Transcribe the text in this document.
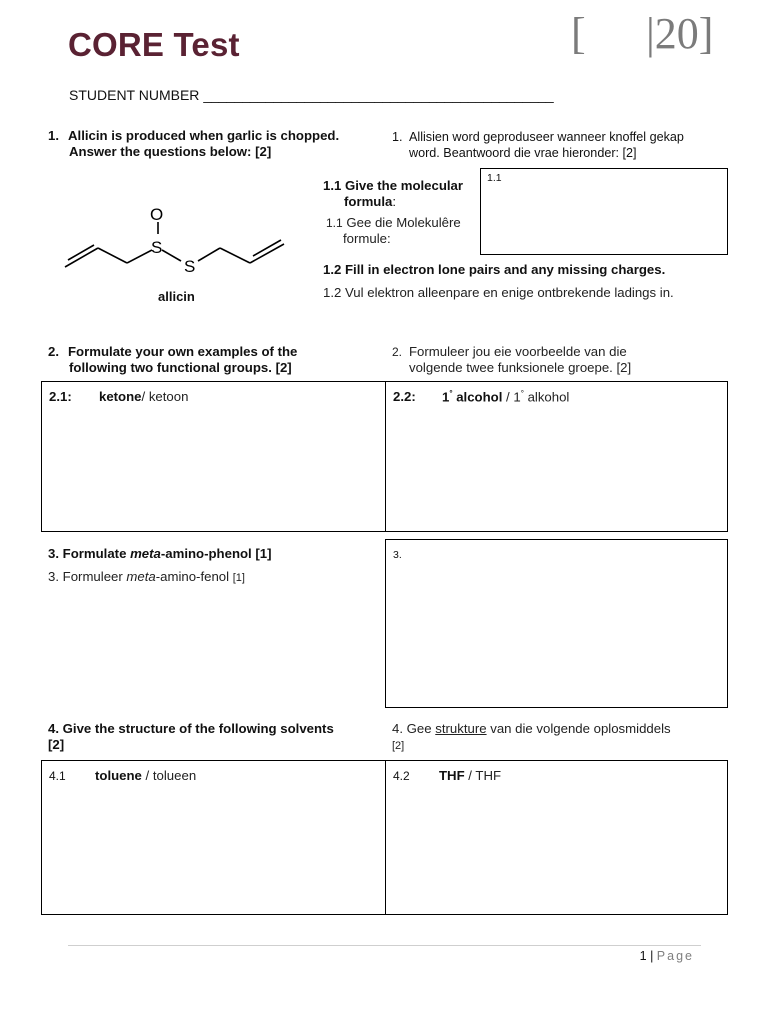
CORE Test	[ |20]
STUDENT NUMBER _____________________________________________
1. Allicin is produced when garlic is chopped.
Answer the questions below: [2]
1. Allisien word geproduseer wanneer knoffel gekap
word. Beantwoord die vrae hieronder: [2]
O
S
S
allicin
1.1 Give the molecular
formula:
1.1 Gee die Molekulêre
formule:
1.1
1.2 Fill in electron lone pairs and any missing charges.
1.2 Vul elektron alleenpare en enige ontbrekende ladings in.
2. Formulate your own examples of the
following two functional groups. [2]
2. Formuleer jou eie voorbeelde van die
volgende twee funksionele groepe. [2]
2.1: ketone/ ketoon	2.2: 1° alcohol / 1° alkohol
3. Formulate meta-amino-phenol [1]
3. Formuleer meta-amino-fenol [1]
3.
4. Give the structure of the following solvents
[2]
4. Gee strukture van die volgende oplosmiddels
[2]
4.1 toluene / tolueen	4.2 THF / THF
1 | Page
